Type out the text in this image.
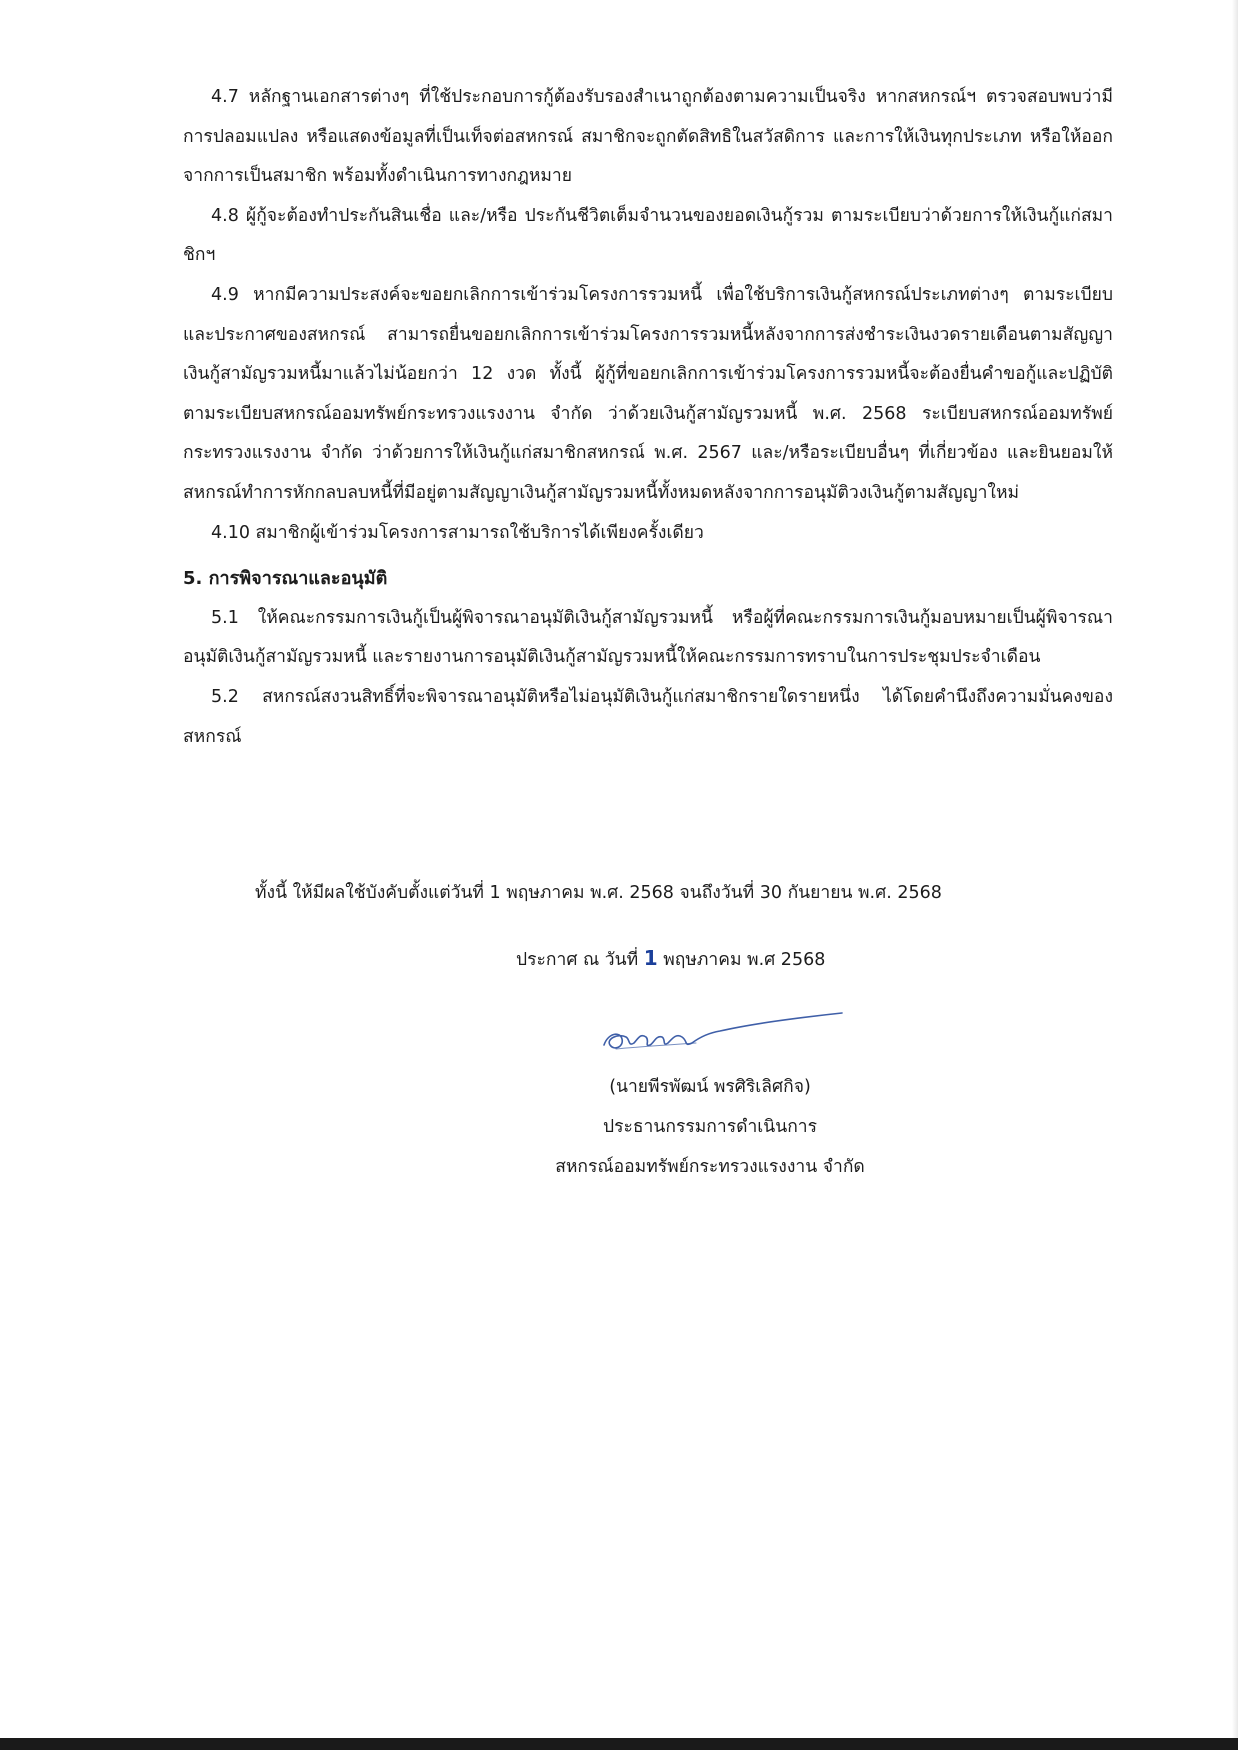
4.7 หลักฐานเอกสารต่างๆ ที่ใช้ประกอบการกู้ต้องรับรองสำเนาถูกต้องตามความเป็นจริง หากสหกรณ์ฯ ตรวจสอบพบว่ามีการปลอมแปลง หรือแสดงข้อมูลที่เป็นเท็จต่อสหกรณ์ สมาชิกจะถูกตัดสิทธิในสวัสดิการ และการให้เงินทุกประเภท หรือให้ออกจากการเป็นสมาชิก พร้อมทั้งดำเนินการทางกฎหมาย

4.8 ผู้กู้จะต้องทำประกันสินเชื่อ และ/หรือ ประกันชีวิตเต็มจำนวนของยอดเงินกู้รวม ตามระเบียบว่าด้วยการให้เงินกู้แก่สมาชิกฯ

4.9 หากมีความประสงค์จะขอยกเลิกการเข้าร่วมโครงการรวมหนี้ เพื่อใช้บริการเงินกู้สหกรณ์ประเภทต่างๆ ตามระเบียบและประกาศของสหกรณ์ สามารถยื่นขอยกเลิกการเข้าร่วมโครงการรวมหนี้หลังจากการส่งชำระเงินงวดรายเดือนตามสัญญาเงินกู้สามัญรวมหนี้มาแล้วไม่น้อยกว่า 12 งวด ทั้งนี้ ผู้กู้ที่ขอยกเลิกการเข้าร่วมโครงการรวมหนี้จะต้องยื่นคำขอกู้และปฏิบัติตามระเบียบสหกรณ์ออมทรัพย์กระทรวงแรงงาน จำกัด ว่าด้วยเงินกู้สามัญรวมหนี้ พ.ศ. 2568 ระเบียบสหกรณ์ออมทรัพย์กระทรวงแรงงาน จำกัด ว่าด้วยการให้เงินกู้แก่สมาชิกสหกรณ์ พ.ศ. 2567 และ/หรือระเบียบอื่นๆ ที่เกี่ยวข้อง และยินยอมให้สหกรณ์ทำการหักกลบลบหนี้ที่มีอยู่ตามสัญญาเงินกู้สามัญรวมหนี้ทั้งหมดหลังจากการอนุมัติวงเงินกู้ตามสัญญาใหม่

4.10 สมาชิกผู้เข้าร่วมโครงการสามารถใช้บริการได้เพียงครั้งเดียว

5. การพิจารณาและอนุมัติ

5.1 ให้คณะกรรมการเงินกู้เป็นผู้พิจารณาอนุมัติเงินกู้สามัญรวมหนี้ หรือผู้ที่คณะกรรมการเงินกู้มอบหมายเป็นผู้พิจารณาอนุมัติเงินกู้สามัญรวมหนี้ และรายงานการอนุมัติเงินกู้สามัญรวมหนี้ให้คณะกรรมการทราบในการประชุมประจำเดือน

5.2 สหกรณ์สงวนสิทธิ์ที่จะพิจารณาอนุมัติหรือไม่อนุมัติเงินกู้แก่สมาชิกรายใดรายหนึ่ง ได้โดยคำนึงถึงความมั่นคงของสหกรณ์

ทั้งนี้ ให้มีผลใช้บังคับตั้งแต่วันที่ 1 พฤษภาคม พ.ศ. 2568 จนถึงวันที่ 30 กันยายน พ.ศ. 2568
ประกาศ ณ วันที่ 1 พฤษภาคม พ.ศ 2568
(นายพีรพัฒน์ พรศิริเลิศกิจ)
ประธานกรรมการดำเนินการ
สหกรณ์ออมทรัพย์กระทรวงแรงงาน จำกัด
